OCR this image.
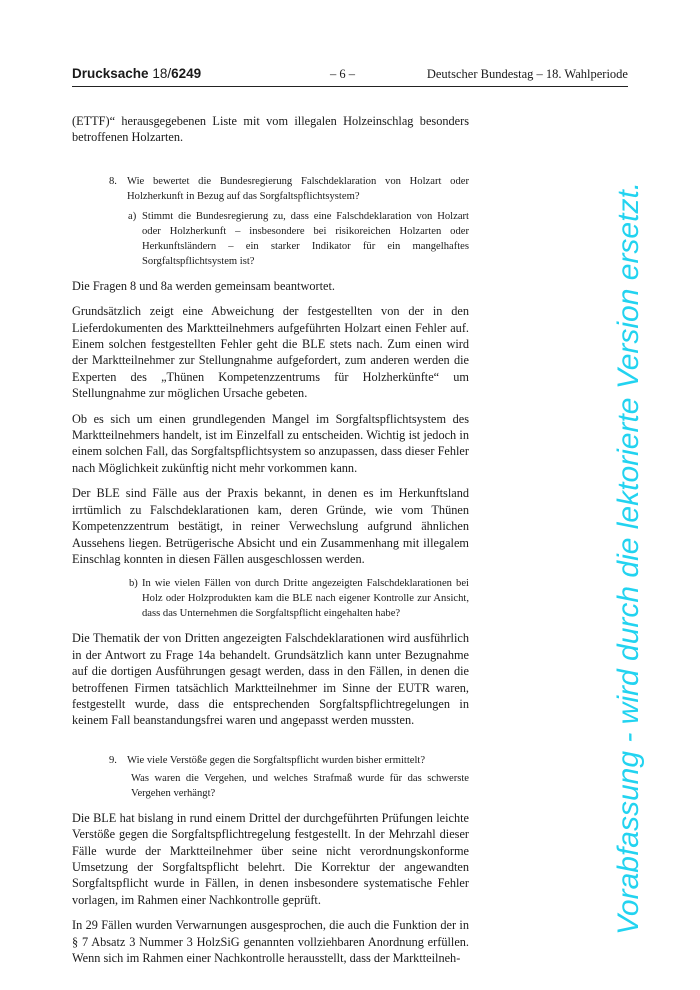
Drucksache 18/6249	– 6 –	Deutscher Bundestag – 18. Wahlperiode

(ETTF)“ herausgegebenen Liste mit vom illegalen Holzeinschlag besonders betroffenen Holzarten.

8. Wie bewertet die Bundesregierung Falschdeklaration von Holzart oder Holzherkunft in Bezug auf das Sorgfaltspflichtsystem?
a) Stimmt die Bundesregierung zu, dass eine Falschdeklaration von Holzart oder Holzherkunft – insbesondere bei risikoreichen Holzarten oder Herkunftsländern – ein starker Indikator für ein mangelhaftes Sorgfaltspflichtsystem ist?

Die Fragen 8 und 8a werden gemeinsam beantwortet.

Grundsätzlich zeigt eine Abweichung der festgestellten von der in den Lieferdokumenten des Marktteilnehmers aufgeführten Holzart einen Fehler auf. Einem solchen festgestellten Fehler geht die BLE stets nach. Zum einen wird der Marktteilnehmer zur Stellungnahme aufgefordert, zum anderen werden die Experten des „Thünen Kompetenzzentrums für Holzherkünfte“ um Stellungnahme zur möglichen Ursache gebeten.

Ob es sich um einen grundlegenden Mangel im Sorgfaltspflichtsystem des Marktteilnehmers handelt, ist im Einzelfall zu entscheiden. Wichtig ist jedoch in einem solchen Fall, das Sorgfaltspflichtsystem so anzupassen, dass dieser Fehler nach Möglichkeit zukünftig nicht mehr vorkommen kann.

Der BLE sind Fälle aus der Praxis bekannt, in denen es im Herkunftsland irrtümlich zu Falschdeklarationen kam, deren Gründe, wie vom Thünen Kompetenzzentrum bestätigt, in reiner Verwechslung aufgrund ähnlichen Aussehens liegen. Betrügerische Absicht und ein Zusammenhang mit illegalem Einschlag konnten in diesen Fällen ausgeschlossen werden.

b) In wie vielen Fällen von durch Dritte angezeigten Falschdeklarationen bei Holz oder Holzprodukten kam die BLE nach eigener Kontrolle zur Ansicht, dass das Unternehmen die Sorgfaltspflicht eingehalten habe?

Die Thematik der von Dritten angezeigten Falschdeklarationen wird ausführlich in der Antwort zu Frage 14a behandelt. Grundsätzlich kann unter Bezugnahme auf die dortigen Ausführungen gesagt werden, dass in den Fällen, in denen die betroffenen Firmen tatsächlich Marktteilnehmer im Sinne der EUTR waren, festgestellt wurde, dass die entsprechenden Sorgfaltspflichtregelungen in keinem Fall beanstandungsfrei waren und angepasst werden mussten.

9. Wie viele Verstöße gegen die Sorgfaltspflicht wurden bisher ermittelt?
Was waren die Vergehen, und welches Strafmaß wurde für das schwerste Vergehen verhängt?

Die BLE hat bislang in rund einem Drittel der durchgeführten Prüfungen leichte Verstöße gegen die Sorgfaltspflichtregelung festgestellt. In der Mehrzahl dieser Fälle wurde der Marktteilnehmer über seine nicht verordnungskonforme Umsetzung der Sorgfaltspflicht belehrt. Die Korrektur der angewandten Sorgfaltspflicht wurde in Fällen, in denen insbesondere systematische Fehler vorlagen, im Rahmen einer Nachkontrolle geprüft.

In 29 Fällen wurden Verwarnungen ausgesprochen, die auch die Funktion der in § 7 Absatz 3 Nummer 3 HolzSiG genannten vollziehbaren Anordnung erfüllen. Wenn sich im Rahmen einer Nachkontrolle herausstellt, dass der Marktteilneh-

Vorabfassung - wird durch die lektorierte Version ersetzt.
